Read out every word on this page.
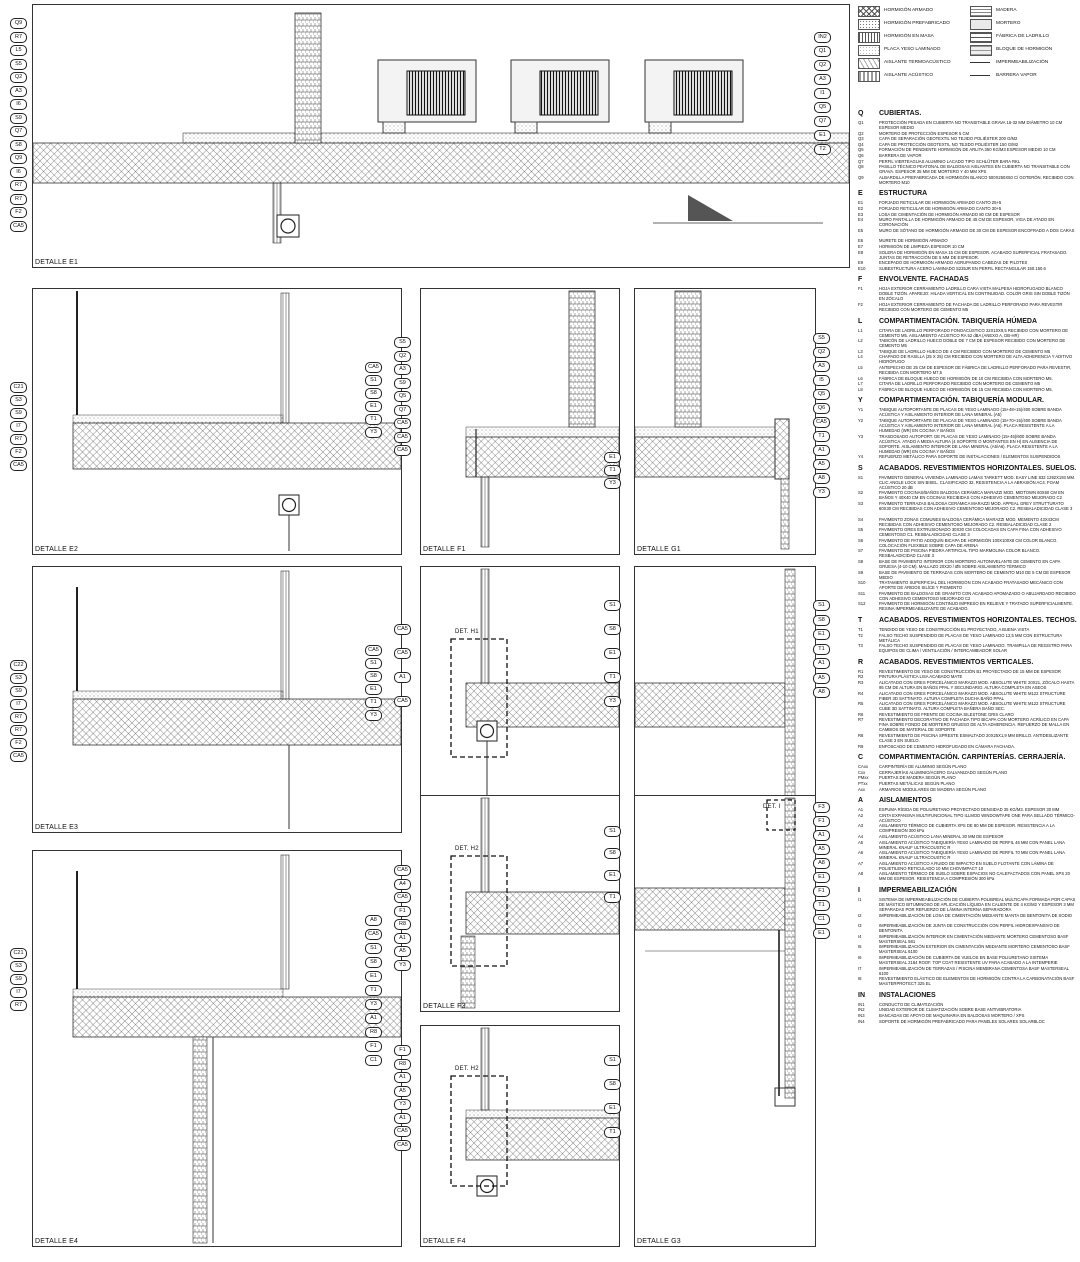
DETALLE E1
DETALLE E2	DETALLE F1	DETALLE G1
DETALLE E3
DET. H1
DETALLE E4
DET. H2
DETALLE F3
DET. I
DETALLE G3
DET. H2
DETALLE F4
Q9
R7
L5
S5
Q2
A3
I6
S9
Q7
S8
Q9
I6
R7
R7
F2
CA5
IN2
Q1
Q2
A3
I1
Q5
Q7
E1
T2
C21
S3
S9
I7
R7
F2
CA5
CA5
S1
S8
E1
T1
Y3
S5
Q2
A3
S9
Q5
Q7
CA5
CA5
CA5
E1
T1
Y3
S5
Q2
A3
I5
Q5
Q6
CA5
T1
A1
A5
A8
Y3
C22
S3
S9
I7
R7
R7
F2
CA5
CA5
S1
S8
E1
T1
Y3
CA5
CA5
A1
CA5
S1
S8
E1
T1
Y3
S1
S8
E1
T1
A1
A5
A8
C21
S3
S9
I7
R7
A8
CA5
S1
S8
E1
T1
Y3
A1
R8
F1
C1
CA5
A4
CA5
F1
R8
A1
A5
Y3
S1
S8
E1
T1
F3
F1
A1
A5
A8
E1
F1
T1
C1
E1
F1
R8
A1
A5
Y3
A1
CA5
CA5
S1
S8
E1
T1
HORMIGÓN ARMADO	MADERA
HORMIGÓN PREFABRICADO	MORTERO
HORMIGÓN EN MASA	FÁBRICA DE LADRILLO
PLACA YESO LAMINADO	BLOQUE DE HORMIGÓN
AISLANTE TERMOACÚSTICO	IMPERMEABILIZACIÓN
AISLANTE ACÚSTICO	BARRERA VAPOR
Q CUBIERTAS.
Q1	PROTECCIÓN PESADA EN CUBIERTA NO TRANSITABLE GRAVA 16-32 MM DIÁMETRO 10 CM ESPESOR MEDIO
Q2	MORTERO DE PROTECCIÓN ESPESOR 5 CM
Q3	CAPA DE SEPARACIÓN GEOTEXTIL NO TEJIDO POLIÉSTER 200 G/M2
Q4	CAPA DE PROTECCIÓN GEOTEXTIL NO TEJIDO POLIÉSTER 150 G/M2
Q5	FORMACIÓN DE PENDIENTE HORMIGÓN DE ARLITA 350 KG/M3 ESPESOR MEDIO 10 CM
Q6	BARRERA DE VAPOR
Q7	PERFIL VIERTEAGUAS ALUMINIO LACADO TIPO SCHLÜTER BARA RKL
Q8	PASILLO TÉCNICO PEATONAL DE BALDOSAS AISLANTES EN CUBIERTA NO TRANSITABLE CON GRAVA. ESPESOR 35 MM DE MORTERO Y 40 MM XPS
Q9	ALBARDILLA PREFABRICADA DE HORMIGÓN BLANCO 500X250X50 C/ GOTERÓN. RECIBIDO CON MORTERO M10
E ESTRUCTURA
E1	FORJADO RETICULAR DE HORMIGÓN ARMADO CANTO 25+5
E2	FORJADO RETICULAR DE HORMIGÓN ARMADO CANTO 30+5
E3	LOSA DE CIMENTACIÓN DE HORMIGÓN ARMADO 80 CM DE ESPESOR
E4	MURO PANTALLA DE HORMIGÓN ARMADO DE 45 CM DE ESPESOR, VIGA DE ATADO EN CORONACIÓN
E5	MURO DE SÓTANO DE HORMIGÓN ARMADO DE 30 CM DE ESPESOR ENCOFRADO A DOS CARAS
E6	MURETE DE HORMIGÓN ARMADO
E7	HORMIGÓN DE LIMPIEZA ESPESOR 10 CM
E8	SOLERA DE HORMIGÓN EN MASA 15 CM DE ESPESOR. ACABADO SUPERFICIAL FRATASADO. JUNTAS DE RETRACCIÓN DE 5 MM DE ESPESOR.
E9	ENCEPADO DE HORMIGÓN ARMADO AGRUPANDO CABEZAS DE PILOTES
E10	SUBESTRUCTURA ACERO LAMINADO S235JR EN PERFIL RECTANGULAR 150.150.6
F ENVOLVENTE. FACHADAS
F1	HOJA EXTERIOR CERRAMIENTO LADRILLO CARA VISTA MALPESA HIDROFUGADO BLANCO DOBLE TIZÓN. APAREJO: HILADA VERTICAL EN CONTINUIDAD. COLOR GRIS SIN DOBLE TIZÓN EN ZÓCALO
F2	HOJA EXTERIOR CERRAMIENTO DE FACHADA DE LADRILLO PERFORADO PARA REVESTIR RECIBIDO CON MORTERO DE CEMENTO M5
L COMPARTIMENTACIÓN. TABIQUERÍA HÚMEDA
L1	CITARA DE LADRILLO PERFORADO FONOACÚSTICO 22X10X9,5 RECIBIDO CON MORTERO DE CEMENTO M5. AISLAMIENTO ACÚSTICO RA 52 dBA (ANEXO A, DB-HR)
L2	TABICÓN DE LADRILLO HUECO DOBLE DE 7 CM DE ESPESOR RECIBIDO CON MORTERO DE CEMENTO M5
L3	TABIQUE DE LADRILLO HUECO DE 4 CM RECIBIDO CON MORTERO DE CEMENTO M5
L4	CHAPADO DE RASILLA (25 X 25) CM RECIBIDO CON MORTERO DE ALTA ADHERENCIA Y ADITIVO HIDRÓFUGO
L5	ANTEPECHO DE 25 CM DE ESPESOR DE FÁBRICA DE LADRILLO PERFORADO PARA REVESTIR, RECIBIDA CON MORTERO M7,5
L6	FÁBRICA DE BLOQUE HUECO DE HORMIGÓN DE 10 CM RECIBIDA CON MORTERO M5.
L7	CITARA DE LADRILLO PERFORADO RECIBIDO CON MORTERO DE CEMENTO M5
L8	FÁBRICA DE BLOQUE HUECO DE HORMIGÓN DE 15 CM RECIBIDA CON MORTERO M5.
Y COMPARTIMENTACIÓN. TABIQUERÍA MODULAR.
Y1	TABIQUE AUTOPORTANTE DE PLACAS DE YESO LAMINADO (15+48+15)/400 SOBRE BANDA ACÚSTICA Y AISLAMIENTO INTERIOR DE LANA MINERAL (A5)
Y2	TABIQUE AUTOPORTANTE DE PLACAS DE YESO LAMINADO (15+70+15)/400 SOBRE BANDA ACÚSTICA Y AISLAMIENTO INTERIOR DE LANA MINERAL (A6). PLACA RESISTENTE A LA HUMEDAD (WR) EN COCINA Y BAÑOS
Y3	TRASDOSADO AUTOPORT. DE PLACAS DE YESO LAMINADO (15+46)/600 SOBRE BANDA ACÚSTICA. ATADO A MEDIA ALTURA (4 SOPORTE O MONTANTES EN H) EN AUSENCIA DE SOPORTE. AISLAMIENTO INTERIOR DE LANA MINERAL (A5/A6). PLACA RESISTENTE A LA HUMEDAD (WR) EN COCINA Y BAÑOS
Y4	REFUERZO METÁLICO PARA SOPORTE DE INSTALACIONES / ELEMENTOS SUSPENDIDOS
S ACABADOS. REVESTIMIENTOS HORIZONTALES. SUELOS.
S1	PAVIMENTO GENERAL VIVIENDA LAMINADO LAMAS TARKETT MOD. EASY LINE 832 1292X193 MM. CLIC ANGLE LOCK SIN BISEL. CLASIFICADO 32, RESISTENCIA A LA ABRASIÓN AC4. FOAM ACÚSTICO 20 dB
S2	PAVIMENTO COCINAS/BAÑOS BALDOSA CERÁMICA MARAZZI MOD. MIDTOWN 60X60 CM EN BAÑOS Y 40X40 CM EN COCINAS RECIBIDAS CON ADHESIVO CEMENTOSO MEJORADO C2
S3	PAVIMENTO TERRAZAS BALDOSA CERÁMICA MARAZZI MOD. APPEAL GREY STRUTTURATO 60X30 CM RECIBIDAS CON ADHESIVO CEMENTOSO MEJORADO C2. RESBALADICIDAD CLASE 3
S4	PAVIMENTO ZONAS COMUNES BALDOSA CERÁMICA MARAZZI MOD. MEMENTO 43X43CM RECIBIDAS CON ADHESIVO CEMENTOSO MEJORADO C2. RESBALADICIDAD CLASE 2
S5	PAVIMENTO GRES EXTRUSIONADO 30X30 CM COLOCADAS EN CAPA FINA CON ADHESIVO CEMENTOSO C1. RESBALADICIDAD CLASE 3
S6	PAVIMENTO DE PATIO ADOQUÍN BICAPA DE HORMIGÓN 100X100X8 CM COLOR BLANCO. COLOCACIÓN FLEXIBLE SOBRE CAPA DE ARENA
S7	PAVIMENTO DE PISCINA PIEDRA ARTIFICIAL TIPO MARMOLINA COLOR BLANCO. RESBALADICIDAD CLASE 3
S8	BASE DE PAVIMENTO INTERIOR CON MORTERO AUTONIVELANTE DE CEMENTO EN CAPA GRUESA (4-10 CM). MALLAZO 20X20 / Ø5 SOBRE AISLAMIENTO TÉRMICO
S9	BASE DE PAVIMENTO DE TERRAZAS CON MORTERO DE CEMENTO M10 DE 5 CM DE ESPESOR MEDIO
S10	TRATAMIENTO SUPERFICIAL DEL HORMIGÓN CON ACABADO FRATASADO MECÁNICO CON APORTE DE ÁRIDOS SILÍCE Y PIGMENTO
S11	PAVIMENTO DE BALDOSAS DE GRANITO CON ACABADO APOMAZADO O ABUJARDADO RECIBIDO CON ADHESIVO CEMENTOSO MEJORADO C2
S12	PAVIMENTO DE HORMIGÓN CONTINUO IMPRESO EN RELIEVE Y TRATADO SUPERFICIALMENTE. RESINA IMPERMEABILIZANTE DE ACABADO.
T ACABADOS. REVESTIMIENTOS HORIZONTALES. TECHOS.
T1	TENDIDO DE YESO DE CONSTRUCCIÓN B1 PROYECTADO, A BUENA VISTA
T2	FALSO TECHO SUSPENDIDO DE PLACAS DE YESO LAMINADO 12,5 MM CON ESTRUCTURA METÁLICA
T3	FALSO TECHO SUSPENDIDO DE PLACAS DE YESO LAMINADO. TRAMPILLA DE REGISTRO PARA EQUIPOS DE CLIMA / VENTILACIÓN / INTERCAMBIADOR SOLAR
R ACABADOS. REVESTIMIENTOS VERTICALES.
R1	REVESTIMIENTO DE YESO DE CONSTRUCCIÓN B1 PROYECTADO DE 15 MM DE ESPESOR
R2	PINTURA PLÁSTICA LISA ACABADO MATE
R3	ALICATADO CON GRES PORCELÁNICO MARAZZI MOD. ABSOLUTE WHITE 20X21, ZÓCALO HASTA 95 CM DE ALTURA EN BAÑOS PPAL Y SECUNDARIO. ALTURA COMPLETA EN ASEOS
R4	ALICATADO CON GRES PORCELÁNICO MARAZZI MOD. ABSOLUTE WHITE M122 STRUCTURE FIBER 3D SATTINATO. ALTURA COMPLETA DUCHA BAÑO PPAL
R5	ALICATADO CON GRES PORCELÁNICO MARAZZI MOD. ABSOLUTE WHITE M122 STRUCTURE CUBE 3D SATTINATO. ALTURA COMPLETA BAÑERA BAÑO SEC.
R6	REVESTIMIENTO DE FRENTE DE COCINA SILESTONE GRIS CLARO
R7	REVESTIMIENTO DECORATIVO DE FACHADA TIPO BICAPA CON MORTERO ACRÍLICO EN CAPA FINA SOBRE FONDO DE MORTERO GRUESO DE ALTA ADHERENCIA. REFUERZO DE MALLA EN CAMBIOS DE MATERIAL DE SOPORTE
R8	REVESTIMIENTO DE PISCINA SPRESTE ESMALTADO 20X25X1,9 MM BRILLO. ANTIDESLIZANTE CLASE 3 EN SUELO.
R9	ENFOSCADO DE CEMENTO HIDROFUGADO EN CÁMARA FACHADA.
C COMPARTIMENTACIÓN. CARPINTERÍAS. CERRAJERÍA.
CAxx	CARPINTERÍA DE ALUMINIO SEGÚN PLANO
Cxx	CERRAJERÍAS ALUMINIO/ACERO GALVANIZADO SEGÚN PLANO
PMxx	PUERTAS DE MADERA SEGÚN PLANO
PTxx	PUERTAS METÁLICAS SEGÚN PLANO
Axx	ARMARIOS MODULARES DE MADERA SEGÚN PLANO
A AISLAMIENTOS
A1	ESPUMA RÍGIDA DE POLIURETANO PROYECTADO DENSIDAD 35 KG/M3. ESPESOR 30 MM
A2	CINTA EXPANSIVA MULTIFUNCIONAL TIPO ILLMOD WINDOWTAPE ONE PARA SELLADO TÉRMICO-ACÚSTICO
A3	AISLAMIENTO TÉRMICO DE CUBIERTA XPS DE 80 MM DE ESPESOR. RESISTENCIA A LA COMPRESIÓN 300 kPa
A4	AISLAMIENTO ACÚSTICO LANA MINERAL 30 MM DE ESPESOR
A5	AISLAMIENTO ACÚSTICO TABIQUERÍA YESO LAMINADO DE PERFIL 46 MM CON PANEL LANA MINERAL KNAUF ULTRACOUSTIC R
A6	AISLAMIENTO ACÚSTICO TABIQUERÍA YESO LAMINADO DE PERFIL 70 MM CON PANEL LANA MINERAL KNAUF ULTRACOUSTIC R
A7	AISLAMIENTO ACÚSTICO A RUIDO DE IMPACTO EN SUELO FLOTANTE CON LÁMINA DE POLIETILENO RETICULADO 10 MM CHOVIMPACT 10
A8	AISLAMIENTO TÉRMICO DE SUELO SOBRE ESPACIOS NO CALEFACTADOS CON PANEL XPS 20 MM DE ESPESOR. RESISTENCIA A COMPRESIÓN 300 kPa
I	IMPERMEABILIZACIÓN
I1	SISTEMA DE IMPERMEABILIZACIÓN DE CUBIERTA POLIBREAL MULTICAPA FORMADA POR CAPAS DE MÁSTICO BITUMINOSO DE APLICACIÓN LÍQUIDA EN CALIENTE DE 4 KG/M2 Y ESPESOR 3 MM SEPARADAS POR REFUERZO DE LÁMINA INTERNA SEPARADORA
I2	IMPERMEABILIZACIÓN DE LOSA DE CIMENTACIÓN MEDIANTE MANTA DE BENTONITA DE SODIO
I3	IMPERMEABILIZACIÓN DE JUNTA DE CONSTRUCCIÓN CON PERFIL HIDROEXPANSIVO DE BENTONITA
I4	IMPERMEABILIZACIÓN INTERIOR EN CIMENTACIÓN MEDIANTE MORTERO CEMENTOSO BASF MASTERSEAL 581
I5	IMPERMEABILIZACIÓN EXTERIOR EN CIMENTACIÓN MEDIANTE MORTERO CEMENTOSO BASF MASTERSEAL 6100
I6	IMPERMEABILIZACIÓN DE CUBIERTA DE VUELOS EN BASE POLIURETANO SISTEMA MASTERSEAL 2164 ROOF. TOP COAT RESISTENTE UV PARA ACABADO A LA INTEMPERIE
I7	IMPERMEABILIZACIÓN DE TERRAZAS / PISCINA MEMBRANA CEMENTOSA BASF MASTERSEAL 6100
I8	REVESTIMIENTO ELÁSTICO DE ELEMENTOS DE HORMIGÓN CONTRA LA CARBONATACIÓN BASF MASTERPROTECT 325 EL
IN INSTALACIONES
IN1	CONDUCTO DE CLIMATIZACIÓN
IN2	UNIDAD EXTERIOR DE CLIMATIZACIÓN SOBRE BASE ANTIVIBRATORIA
IN3	BANCADAS DE APOYO DE MAQUINARIA EN BALDOSAS MORTERO / XPS
IN4	SOPORTE DE HORMIGÓN PREFABRICADO PARA PANELES SOLARES SOLARBLOC
